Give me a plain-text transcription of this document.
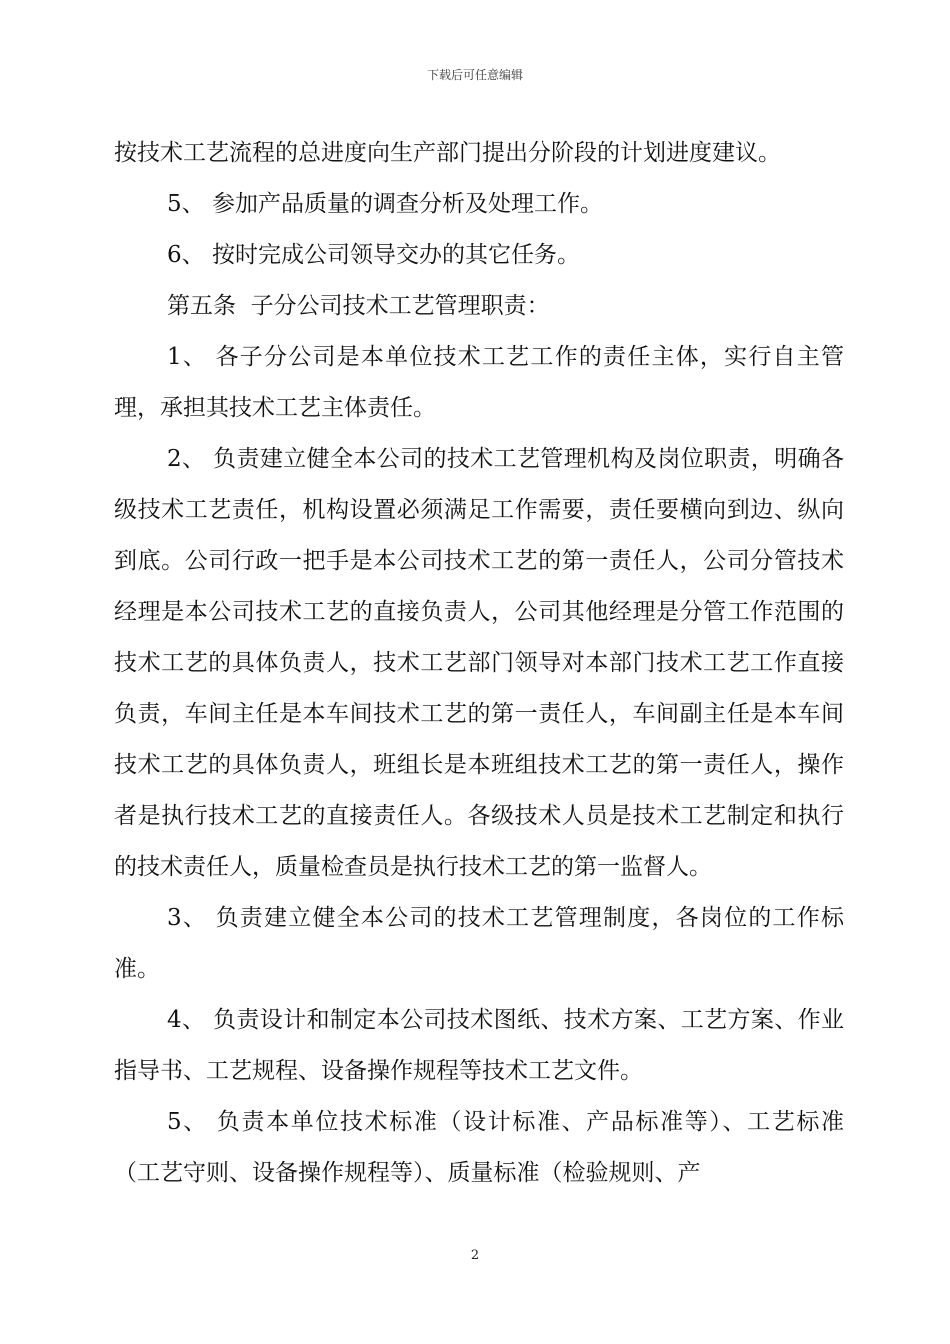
下载后可任意编辑

按技术工艺流程的总进度向生产部门提出分阶段的计划进度建议。

5、 参加产品质量的调查分析及处理工作。

6、 按时完成公司领导交办的其它任务。

第五条  子分公司技术工艺管理职责：

1、 各子分公司是本单位技术工艺工作的责任主体，实行自主管理，承担其技术工艺主体责任。

2、 负责建立健全本公司的技术工艺管理机构及岗位职责，明确各级技术工艺责任，机构设置必须满足工作需要，责任要横向到边、纵向到底。公司行政一把手是本公司技术工艺的第一责任人，公司分管技术经理是本公司技术工艺的直接负责人，公司其他经理是分管工作范围的技术工艺的具体负责人，技术工艺部门领导对本部门技术工艺工作直接负责，车间主任是本车间技术工艺的第一责任人，车间副主任是本车间技术工艺的具体负责人，班组长是本班组技术工艺的第一责任人，操作者是执行技术工艺的直接责任人。各级技术人员是技术工艺制定和执行的技术责任人，质量检查员是执行技术工艺的第一监督人。

3、 负责建立健全本公司的技术工艺管理制度，各岗位的工作标准。

4、 负责设计和制定本公司技术图纸、技术方案、工艺方案、作业指导书、工艺规程、设备操作规程等技术工艺文件。

5、 负责本单位技术标准（设计标准、产品标准等）、工艺标准（工艺守则、设备操作规程等）、质量标准（检验规则、产

2
